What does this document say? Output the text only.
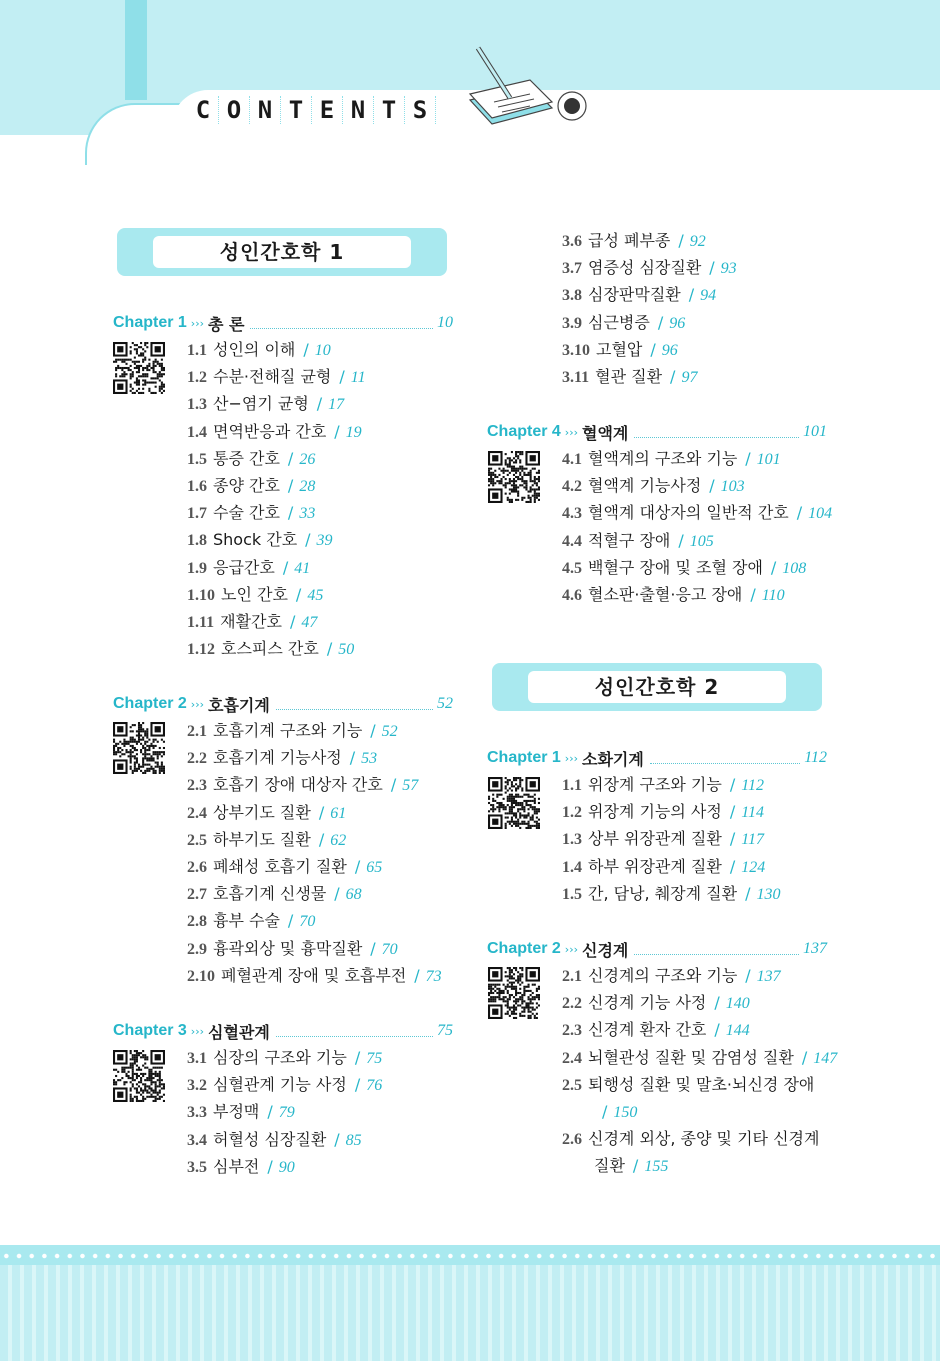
C O N T E N T S
성인간호학 1
Chapter 1 ››› 총 론	10
Chapter 2 ››› 호흡기계	52
Chapter 3 ››› 심혈관계	75
Chapter 4 ››› 혈액계	101
성인간호학 2
Chapter 1 ››› 소화기계	112
Chapter 2 ››› 신경계	137
1.1 성인의 이해 / 10
1.2 수분·전해질 균형 / 11
1.3 산−염기 균형 / 17
1.4 면역반응과 간호 / 19
1.5 통증 간호 / 26
1.6 종양 간호 / 28
1.7 수술 간호 / 33
1.8 Shock 간호 / 39
1.9 응급간호 / 41
1.10 노인 간호 / 45
1.11 재활간호 / 47
1.12 호스피스 간호 / 50
2.1 호흡기계 구조와 기능 / 52
2.2 호흡기계 기능사정 / 53
2.3 호흡기 장애 대상자 간호 / 57
2.4 상부기도 질환 / 61
2.5 하부기도 질환 / 62
2.6 폐쇄성 호흡기 질환 / 65
2.7 호흡기계 신생물 / 68
2.8 흉부 수술 / 70
2.9 흉곽외상 및 흉막질환 / 70
2.10 폐혈관계 장애 및 호흡부전 / 73
3.1 심장의 구조와 기능 / 75
3.2 심혈관계 기능 사정 / 76
3.3 부정맥 / 79
3.4 허혈성 심장질환 / 85
3.5 심부전 / 90
3.6 급성 폐부종 / 92
3.7 염증성 심장질환 / 93
3.8 심장판막질환 / 94
3.9 심근병증 / 96
3.10 고혈압 / 96
3.11 혈관 질환 / 97
4.1 혈액계의 구조와 기능 / 101
4.2 혈액계 기능사정 / 103
4.3 혈액계 대상자의 일반적 간호 / 104
4.4 적혈구 장애 / 105
4.5 백혈구 장애 및 조혈 장애 / 108
4.6 혈소판·출혈·응고 장애 / 110
1.1 위장계 구조와 기능 / 112
1.2 위장계 기능의 사정 / 114
1.3 상부 위장관계 질환 / 117
1.4 하부 위장관계 질환 / 124
1.5 간, 담낭, 췌장계 질환 / 130
2.1 신경계의 구조와 기능 / 137
2.2 신경계 기능 사정 / 140
2.3 신경계 환자 간호 / 144
2.4 뇌혈관성 질환 및 감염성 질환 / 147
2.5 퇴행성 질환 및 말초·뇌신경 장애
/ 150
2.6 신경계 외상, 종양 및 기타 신경계
질환 / 155
